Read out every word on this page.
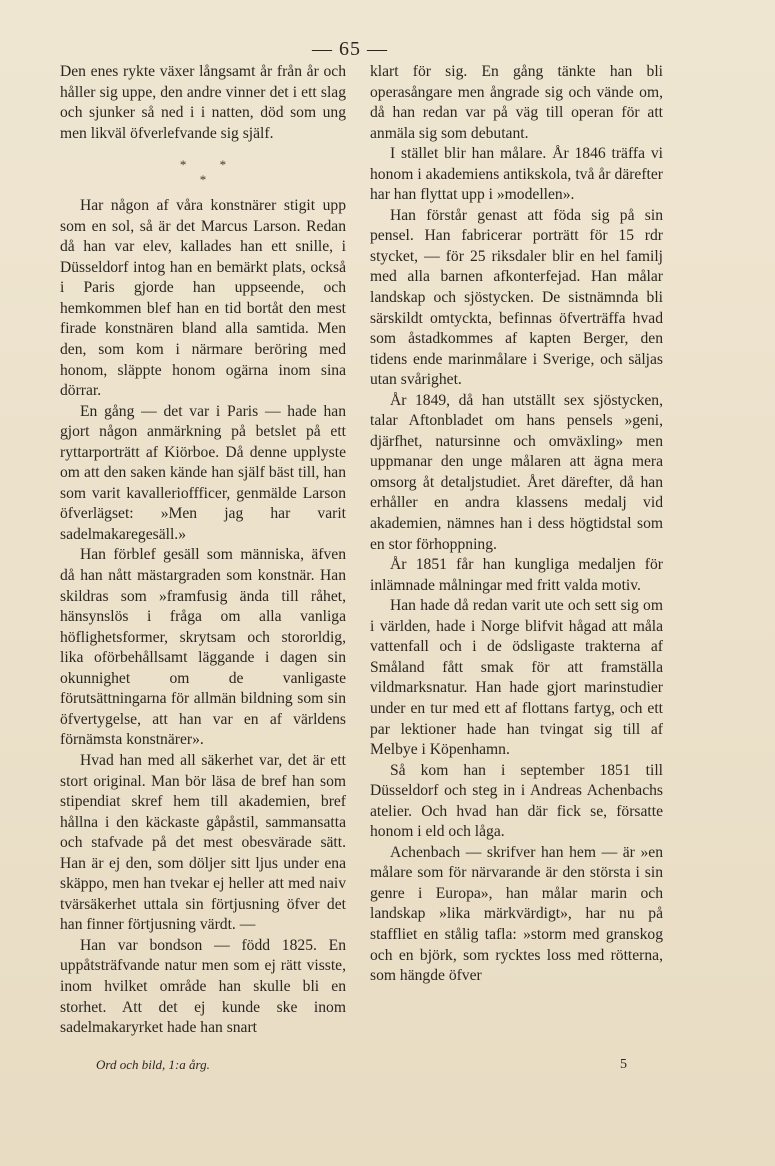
— 65 —

Den enes rykte växer långsamt år från år och håller sig uppe, den andre vinner det i ett slag och sjunker så ned i i natten, död som ung men likväl öfverlefvande sig själf.

* *
*

Har någon af våra konstnärer stigit upp som en sol, så är det Marcus Larson. Redan då han var elev, kallades han ett snille, i Düsseldorf intog han en bemärkt plats, också i Paris gjorde han uppseende, och hemkommen blef han en tid bortåt den mest firade konstnären bland alla samtida. Men den, som kom i närmare beröring med honom, släppte honom ogärna inom sina dörrar.

En gång — det var i Paris — hade han gjort någon anmärkning på betslet på ett ryttarporträtt af Kiörboe. Då denne upplyste om att den saken kände han själf bäst till, han som varit kavallerioffficer, genmälde Larson öfverlägset: »Men jag har varit sadelmakaregesäll.»

Han förblef gesäll som människa, äfven då han nått mästargraden som konstnär. Han skildras som »framfusig ända till råhet, hänsynslös i fråga om alla vanliga höflighetsformer, skrytsam och stororldig, lika oförbehållsamt läggande i dagen sin okunnighet om de vanligaste förutsättningarna för allmän bildning som sin öfvertygelse, att han var en af världens förnämsta konstnärer».

Hvad han med all säkerhet var, det är ett stort original. Man bör läsa de bref han som stipendiat skref hem till akademien, bref hållna i den käckaste gåpåstil, sammansatta och stafvade på det mest obesvärade sätt. Han är ej den, som döljer sitt ljus under ena skäppo, men han tvekar ej heller att med naiv tvärsäkerhet uttala sin förtjusning öfver det han finner förtjusning värdt. —

Han var bondson — född 1825. En uppåtsträfvande natur men som ej rätt visste, inom hvilket område han skulle bli en storhet. Att det ej kunde ske inom sadelmakaryrket hade han snart

klart för sig. En gång tänkte han bli operasångare men ångrade sig och vände om, då han redan var på väg till operan för att anmäla sig som debutant.

I stället blir han målare. År 1846 träffa vi honom i akademiens antikskola, två år därefter har han flyttat upp i »modellen».

Han förstår genast att föda sig på sin pensel. Han fabricerar porträtt för 15 rdr stycket, — för 25 riksdaler blir en hel familj med alla barnen afkonterfejad. Han målar landskap och sjöstycken. De sistnämnda bli särskildt omtyckta, befinnas öfverträffa hvad som åstadkommes af kapten Berger, den tidens ende marinmålare i Sverige, och säljas utan svårighet.

År 1849, då han utställt sex sjöstycken, talar Aftonbladet om hans pensels »geni, djärfhet, natursinne och omväxling» men uppmanar den unge målaren att ägna mera omsorg åt detaljstudiet. Året därefter, då han erhåller en andra klassens medalj vid akademien, nämnes han i dess högtidstal som en stor förhoppning.

År 1851 får han kungliga medaljen för inlämnade målningar med fritt valda motiv.

Han hade då redan varit ute och sett sig om i världen, hade i Norge blifvit hågad att måla vattenfall och i de ödsligaste trakterna af Småland fått smak för att framställa vildmarksnatur. Han hade gjort marinstudier under en tur med ett af flottans fartyg, och ett par lektioner hade han tvingat sig till af Melbye i Köpenhamn.

Så kom han i september 1851 till Düsseldorf och steg in i Andreas Achenbachs atelier. Och hvad han där fick se, försatte honom i eld och låga.

Achenbach — skrifver han hem — är »en målare som för närvarande är den största i sin genre i Europa», han målar marin och landskap »lika märkvärdigt», har nu på staffliet en stålig tafla: »storm med granskog och en björk, som rycktes loss med rötterna, som hängde öfver

Ord och bild, 1:a årg.	5
